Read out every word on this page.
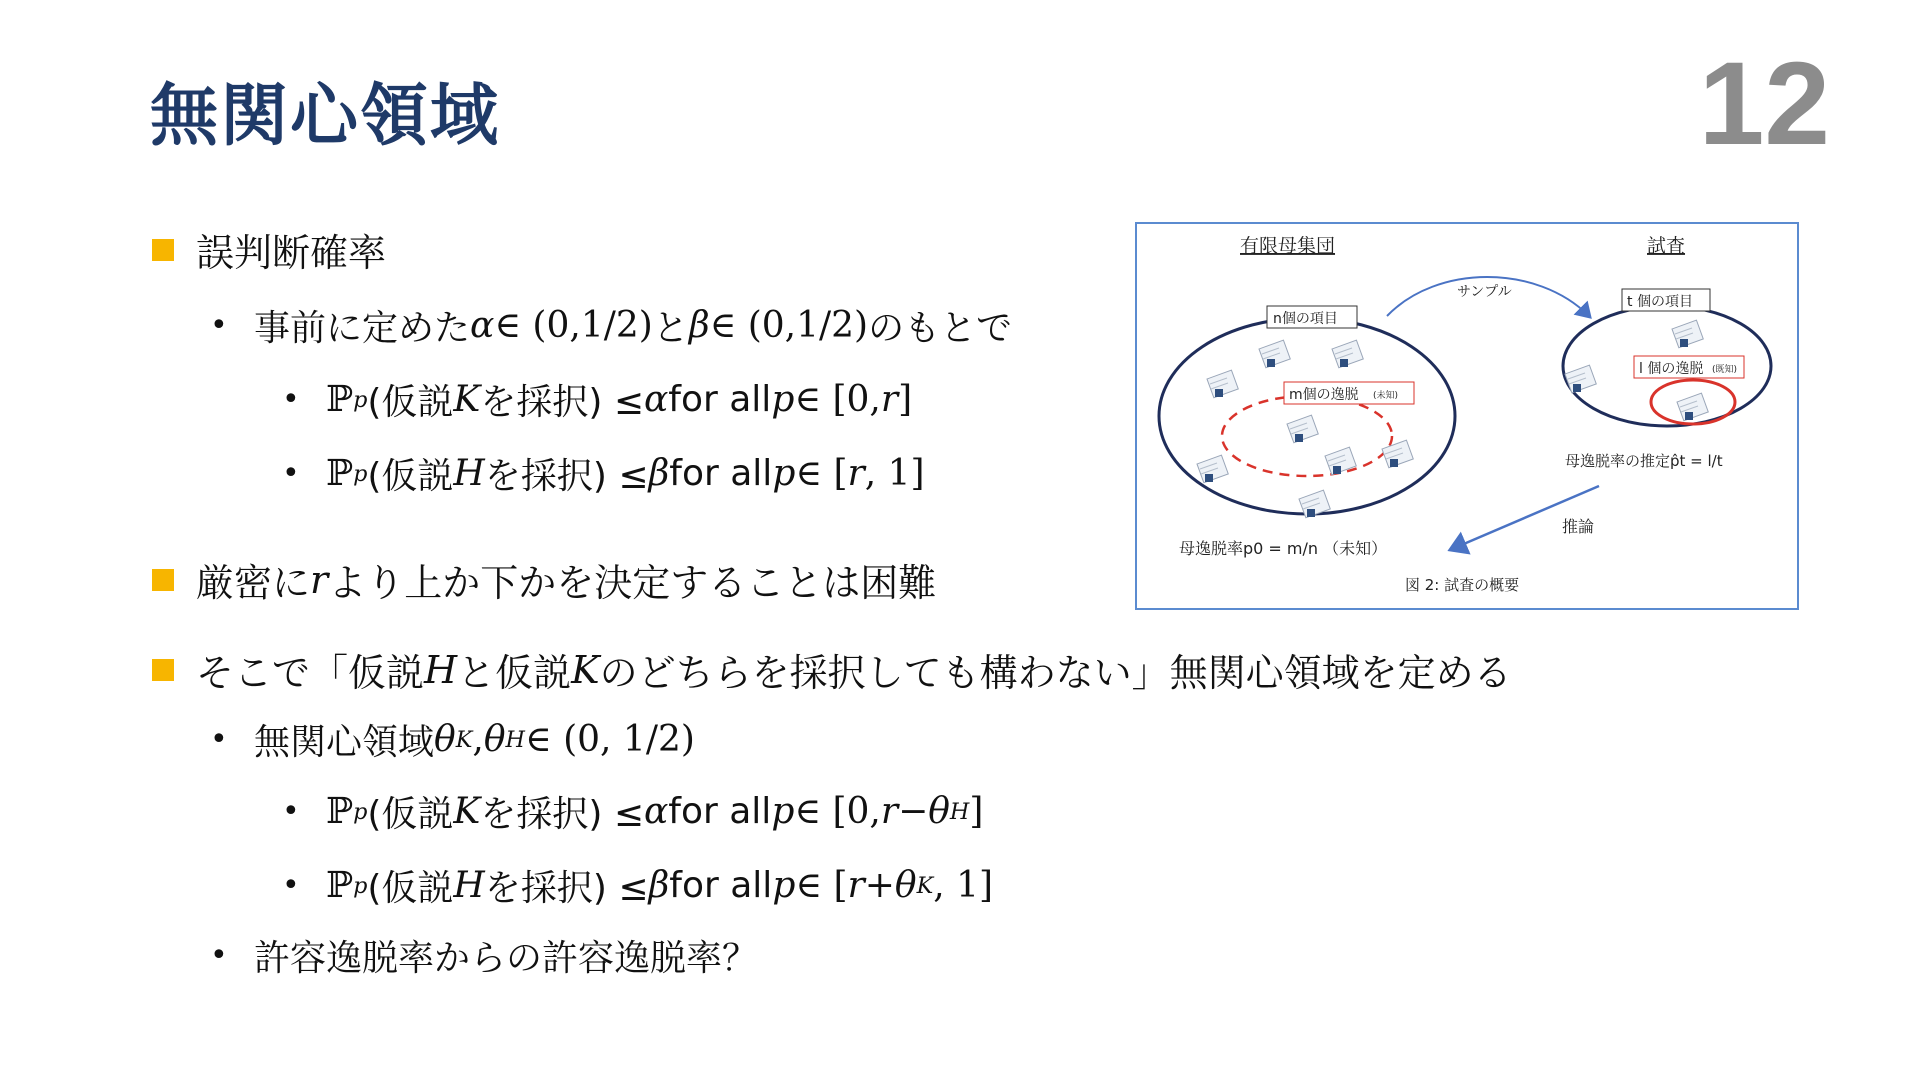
無関心領域	12
誤判断確率
• 事前に定めた α ∈ (0,1/2) と β ∈ (0,1/2) のもとで
• ℙ p (仮説 K を採択) ≤ α for all p ∈ [0, r ]
• ℙ p (仮説 H を採択) ≤ β for all p ∈ [ r , 1]
厳密に r より上か下かを決定することは困難
そこで「仮説 H と仮説 K のどちらを採択しても構わない」無関心領域を定める
• 無関心領域 θ K , θ H ∈ (0, 1/2)
• ℙ p (仮説 K を採択) ≤ α for all p ∈ [0, r − θ H ]
• ℙ p (仮説 H を採択) ≤ β for all p ∈ [ r + θ K , 1]
• 許容逸脱率からの許容逸脱率？
有限母集団	試査
サンプル
n個の項目
m個の逸脱 (未知)
t 個の項目
l 個の逸脱 (既知)
母逸脱率の推定p̂t = l/t
推論
母逸脱率p0 = m/n （未知）
図 2: 試査の概要
